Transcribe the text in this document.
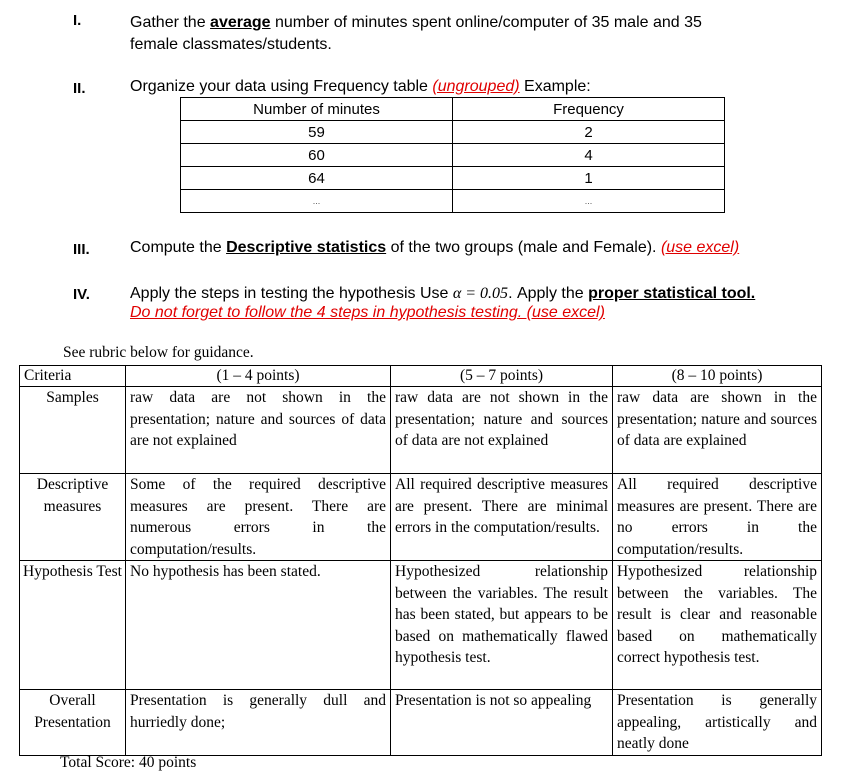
I.	Gather the average number of minutes spent online/computer of 35 male and 35
female classmates/students.
II.	Organize your data using Frequency table (ungrouped) Example:
Number of minutes	Frequency
59	2
60	4
64	1
...	...
III.	Compute the Descriptive statistics of the two groups (male and Female). (use excel)
IV.	Apply the steps in testing the hypothesis Use α = 0.05. Apply the proper statistical tool.
Do not forget to follow the 4 steps in hypothesis testing. (use excel)
See rubric below for guidance.
Criteria	(1 – 4 points)	(5 – 7 points)	(8 – 10 points)
Samples	raw data are not shown in the presentation; nature and sources of data are not explained	raw data are not shown in the presentation; nature and sources of data are not explained	raw data are shown in the presentation; nature and sources of data are explained
Descriptive measures	Some of the required descriptive measures are present. There are numerous errors in the computation/results.	All required descriptive measures are present. There are minimal errors in the computation/results.	All required descriptive measures are present. There are no errors in the computation/results.
Hypothesis Test	No hypothesis has been stated.	Hypothesized relationship between the variables. The result has been stated, but appears to be based on mathematically flawed hypothesis test.	Hypothesized relationship between the variables. The result is clear and reasonable based on mathematically correct hypothesis test.
Overall Presentation	Presentation is generally dull and hurriedly done;	Presentation is not so appealing	Presentation is generally appealing, artistically and neatly done
Total Score: 40 points
